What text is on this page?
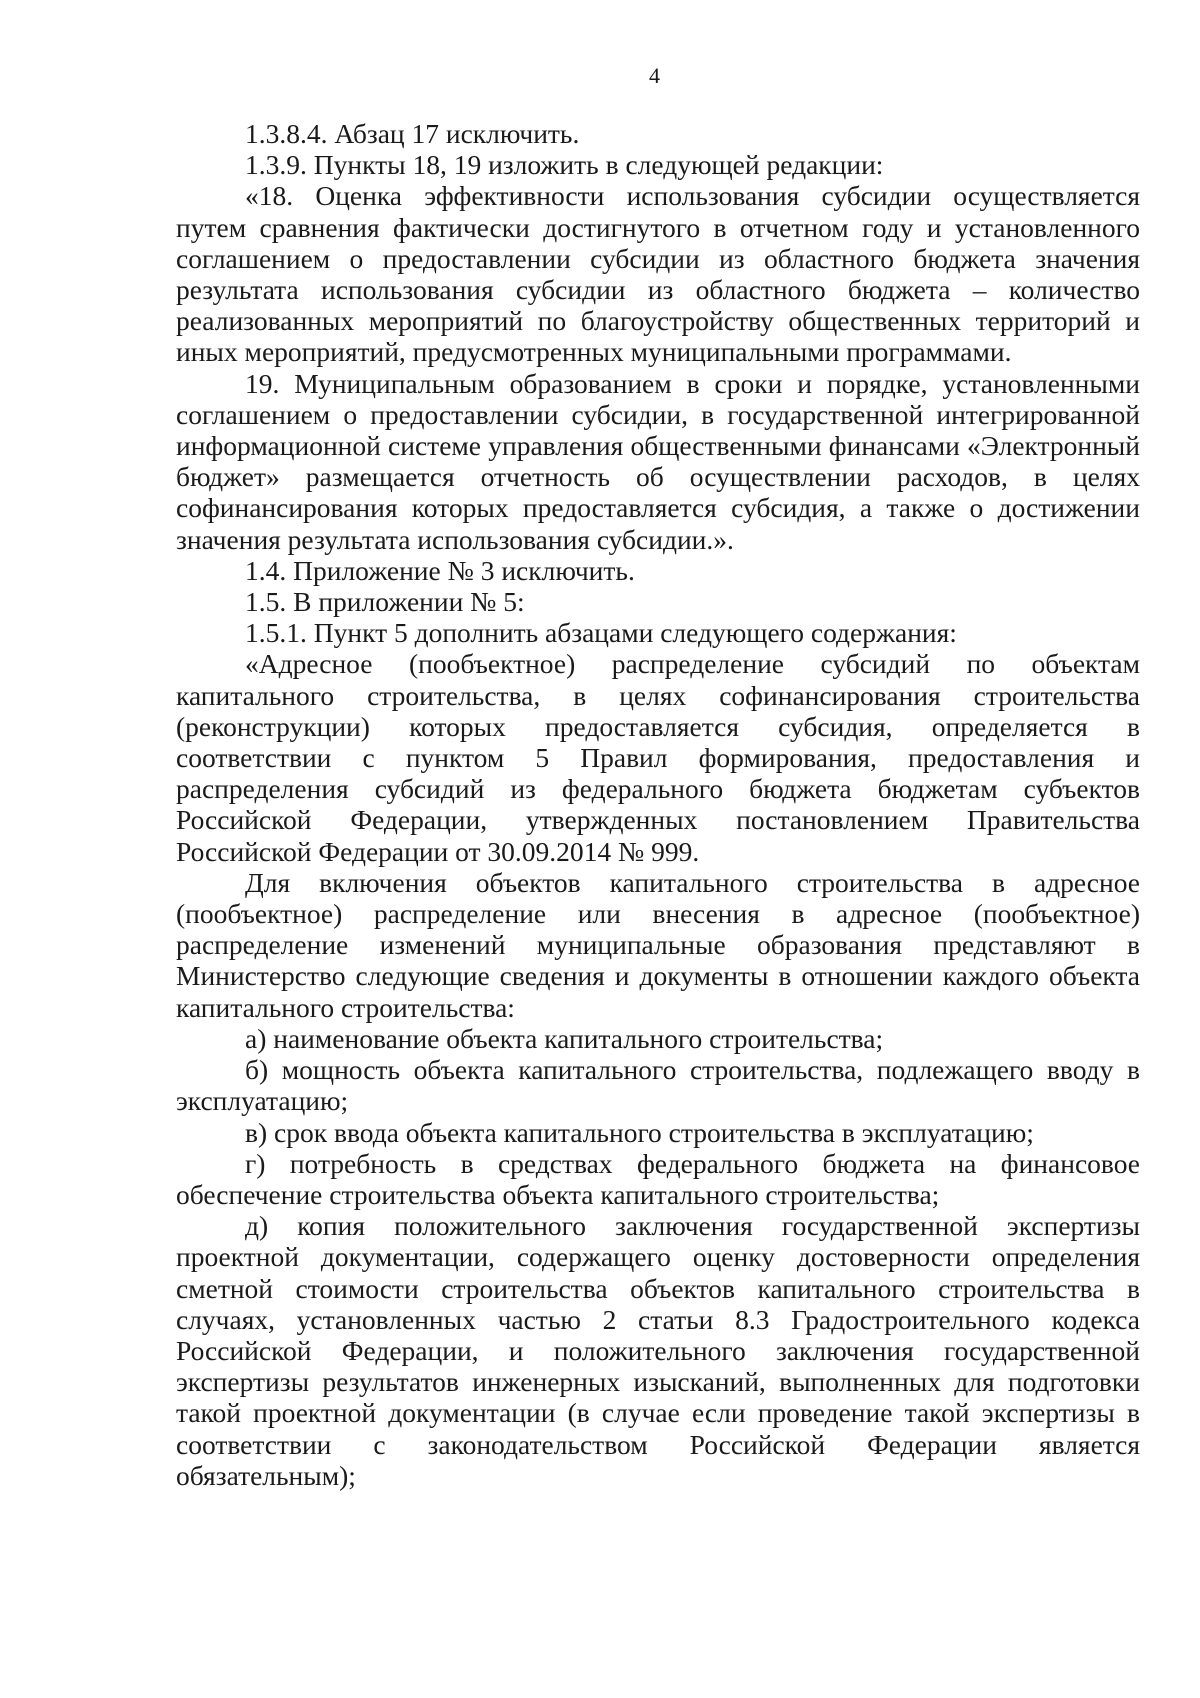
4

1.3.8.4. Абзац 17 исключить.

1.3.9. Пункты 18, 19 изложить в следующей редакции:

«18. Оценка эффективности использования субсидии осуществляется путем сравнения фактически достигнутого в отчетном году и установленного соглашением о предоставлении субсидии из областного бюджета значения результата использования субсидии из областного бюджета – количество реализованных мероприятий по благоустройству общественных территорий и иных мероприятий, предусмотренных муниципальными программами.

19. Муниципальным образованием в сроки и порядке, установленными соглашением о предоставлении субсидии, в государственной интегрированной информационной системе управления общественными финансами «Электронный бюджет» размещается отчетность об осуществлении расходов, в целях софинансирования которых предоставляется субсидия, а также о достижении значения результата использования субсидии.».

1.4. Приложение № 3 исключить.

1.5. В приложении № 5:

1.5.1. Пункт 5 дополнить абзацами следующего содержания:

«Адресное (пообъектное) распределение субсидий по объектам капитального строительства, в целях софинансирования строительства (реконструкции) которых предоставляется субсидия, определяется в соответствии с пунктом 5 Правил формирования, предоставления и распределения субсидий из федерального бюджета бюджетам субъектов Российской Федерации, утвержденных постановлением Правительства Российской Федерации от 30.09.2014 № 999.

Для включения объектов капитального строительства в адресное (пообъектное) распределение или внесения в адресное (пообъектное) распределение изменений муниципальные образования представляют в Министерство следующие сведения и документы в отношении каждого объекта капитального строительства:

а) наименование объекта капитального строительства;

б) мощность объекта капитального строительства, подлежащего вводу в эксплуатацию;

в) срок ввода объекта капитального строительства в эксплуатацию;

г) потребность в средствах федерального бюджета на финансовое обеспечение строительства объекта капитального строительства;

д) копия положительного заключения государственной экспертизы проектной документации, содержащего оценку достоверности определения сметной стоимости строительства объектов капитального строительства в случаях, установленных частью 2 статьи 8.3 Градостроительного кодекса Российской Федерации, и положительного заключения государственной экспертизы результатов инженерных изысканий, выполненных для подготовки такой проектной документации (в случае если проведение такой экспертизы в соответствии с законодательством Российской Федерации является обязательным);
